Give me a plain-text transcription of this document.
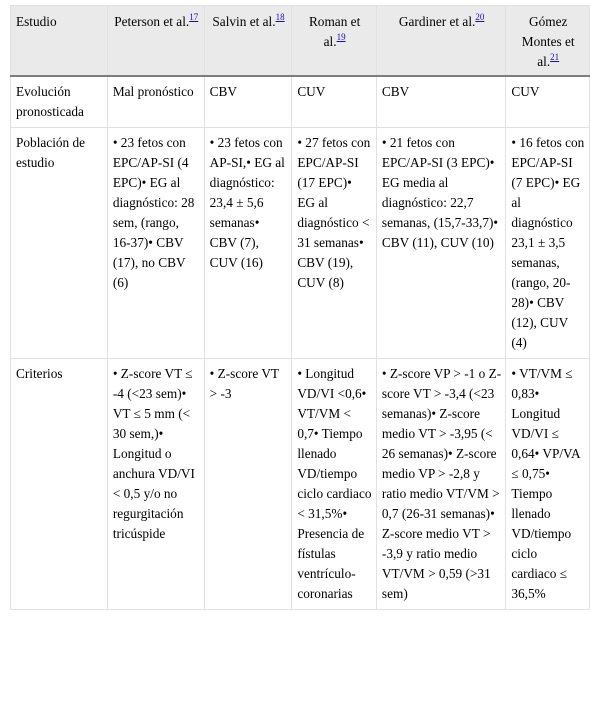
Estudio	Peterson et al.$^{17}$	Salvin et al.$^{18}$	Roman et al.$^{19}$	Gardiner et al.$^{20}$	Gómez Montes et al.$^{21}$
Evolución pronosticada	Mal pronóstico	CBV	CUV	CBV	CUV
Población de estudio	• 23 fetos con EPC/AP-SI (4 EPC)• EG al diagnóstico: 28 sem, (rango, 16-37)• CBV (17), no CBV (6)	• 23 fetos con AP-SI,• EG al diagnóstico: 23,4 ± 5,6 semanas• CBV (7), CUV (16)	• 27 fetos con EPC/AP-SI (17 EPC)• EG al diagnóstico < 31 semanas• CBV (19), CUV (8)	• 21 fetos con EPC/AP-SI (3 EPC)• EG media al diagnóstico: 22,7 semanas, (15,7-33,7)• CBV (11), CUV (10)	• 16 fetos con EPC/AP-SI (7 EPC)• EG al diagnóstico 23,1 ± 3,5 semanas, (rango, 20-28)• CBV (12), CUV (4)
Criterios	• Z-score VT ≤ -4 (<23 sem)• VT ≤ 5 mm (< 30 sem,)• Longitud o anchura VD/VI < 0,5 y/o no regurgitación tricúspide	• Z-score VT > -3	• Longitud VD/VI <0,6• VT/VM < 0,7• Tiempo llenado VD/tiempo ciclo cardiaco < 31,5%• Presencia de fístulas ventrículo-coronarias	• Z-score VP > -1 o Z-score VT > -3,4 (<23 semanas)• Z-score medio VT > -3,95 (< 26 semanas)• Z-score medio VP > -2,8 y ratio medio VT/VM > 0,7 (26-31 semanas)• Z-score medio VT > -3,9 y ratio medio VT/VM > 0,59 (>31 sem)	• VT/VM ≤ 0,83• Longitud VD/VI ≤ 0,64• VP/VA ≤ 0,75• Tiempo llenado VD/tiempo ciclo cardiaco ≤ 36,5%
